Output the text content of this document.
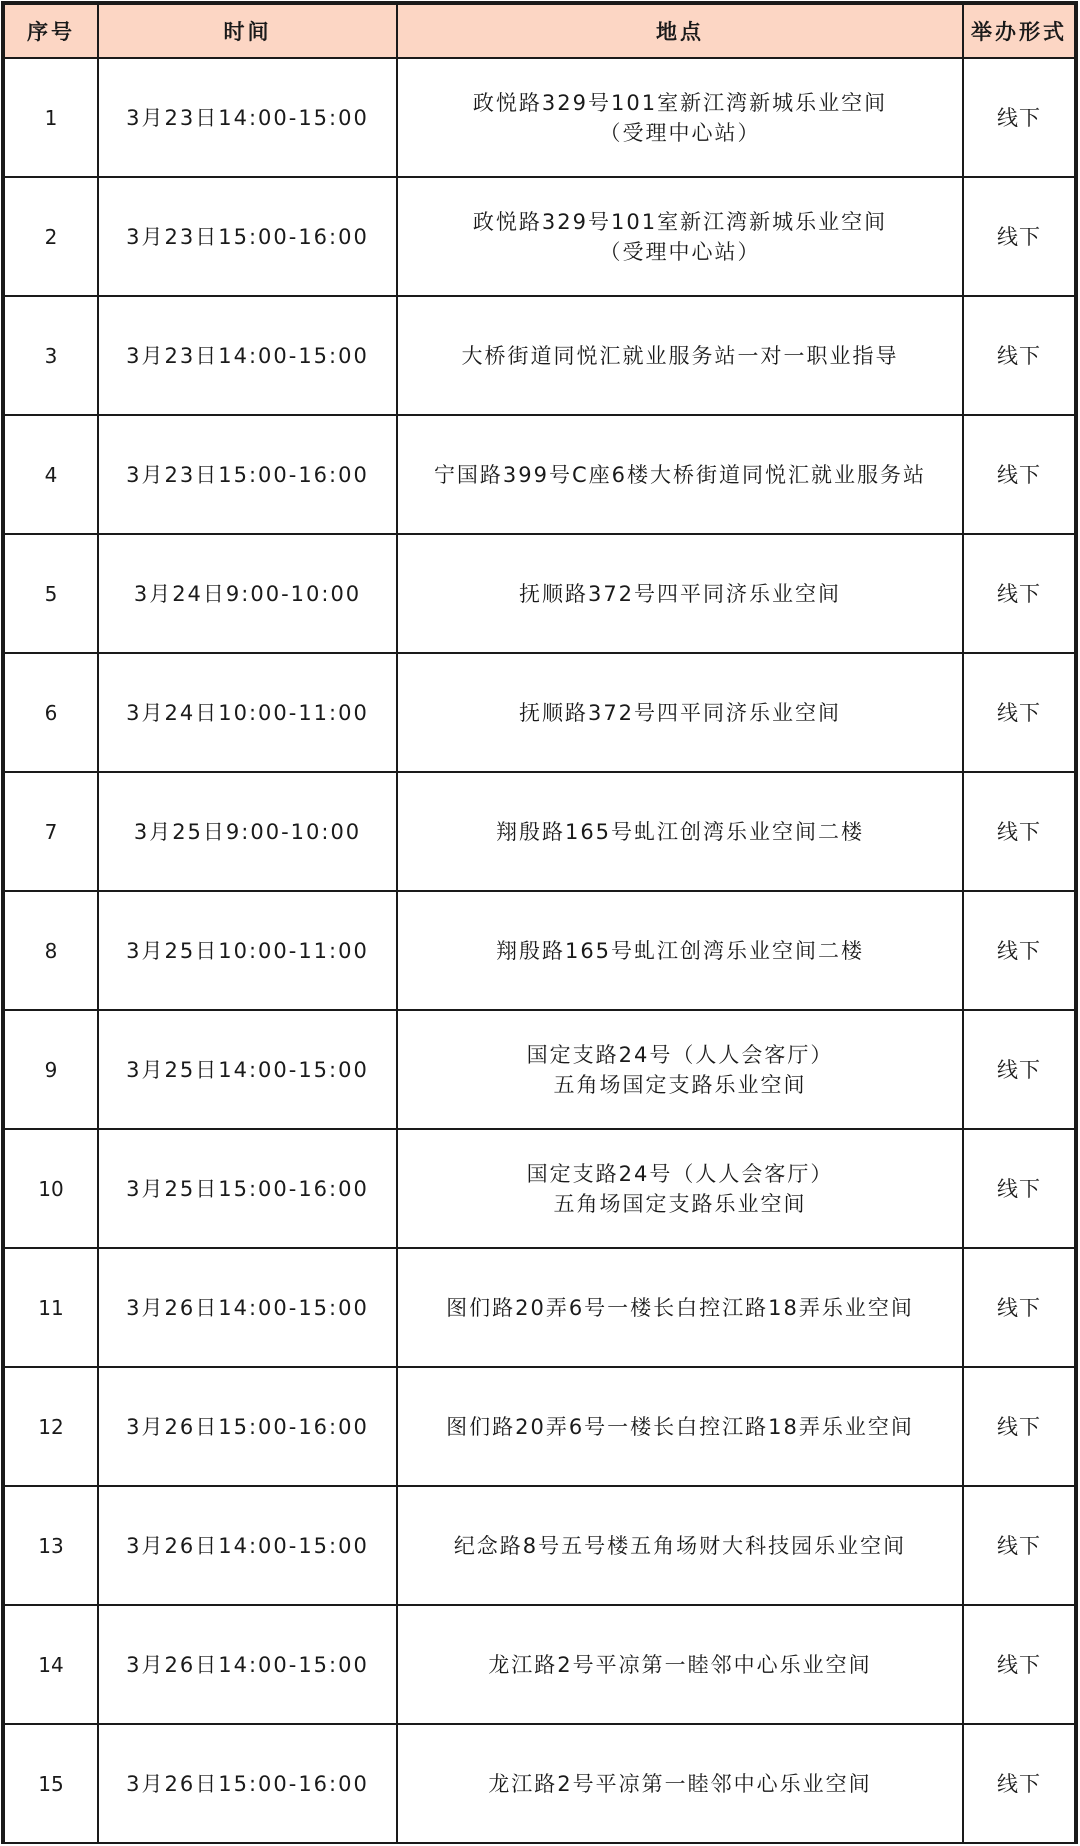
序号	时间	地点	举办形式
1	3月23日14:00-15:00	政悦路329号101室新江湾新城乐业空间
（受理中心站）	线下
2	3月23日15:00-16:00	政悦路329号101室新江湾新城乐业空间
（受理中心站）	线下
3	3月23日14:00-15:00	大桥街道同悦汇就业服务站一对一职业指导	线下
4	3月23日15:00-16:00	宁国路399号C座6楼大桥街道同悦汇就业服务站	线下
5	3月24日9:00-10:00	抚顺路372号四平同济乐业空间	线下
6	3月24日10:00-11:00	抚顺路372号四平同济乐业空间	线下
7	3月25日9:00-10:00	翔殷路165号虬江创湾乐业空间二楼	线下
8	3月25日10:00-11:00	翔殷路165号虬江创湾乐业空间二楼	线下
9	3月25日14:00-15:00	国定支路24号（人人会客厅）
五角场国定支路乐业空间	线下
10	3月25日15:00-16:00	国定支路24号（人人会客厅）
五角场国定支路乐业空间	线下
11	3月26日14:00-15:00	图们路20弄6号一楼长白控江路18弄乐业空间	线下
12	3月26日15:00-16:00	图们路20弄6号一楼长白控江路18弄乐业空间	线下
13	3月26日14:00-15:00	纪念路8号五号楼五角场财大科技园乐业空间	线下
14	3月26日14:00-15:00	龙江路2号平凉第一睦邻中心乐业空间	线下
15	3月26日15:00-16:00	龙江路2号平凉第一睦邻中心乐业空间	线下
